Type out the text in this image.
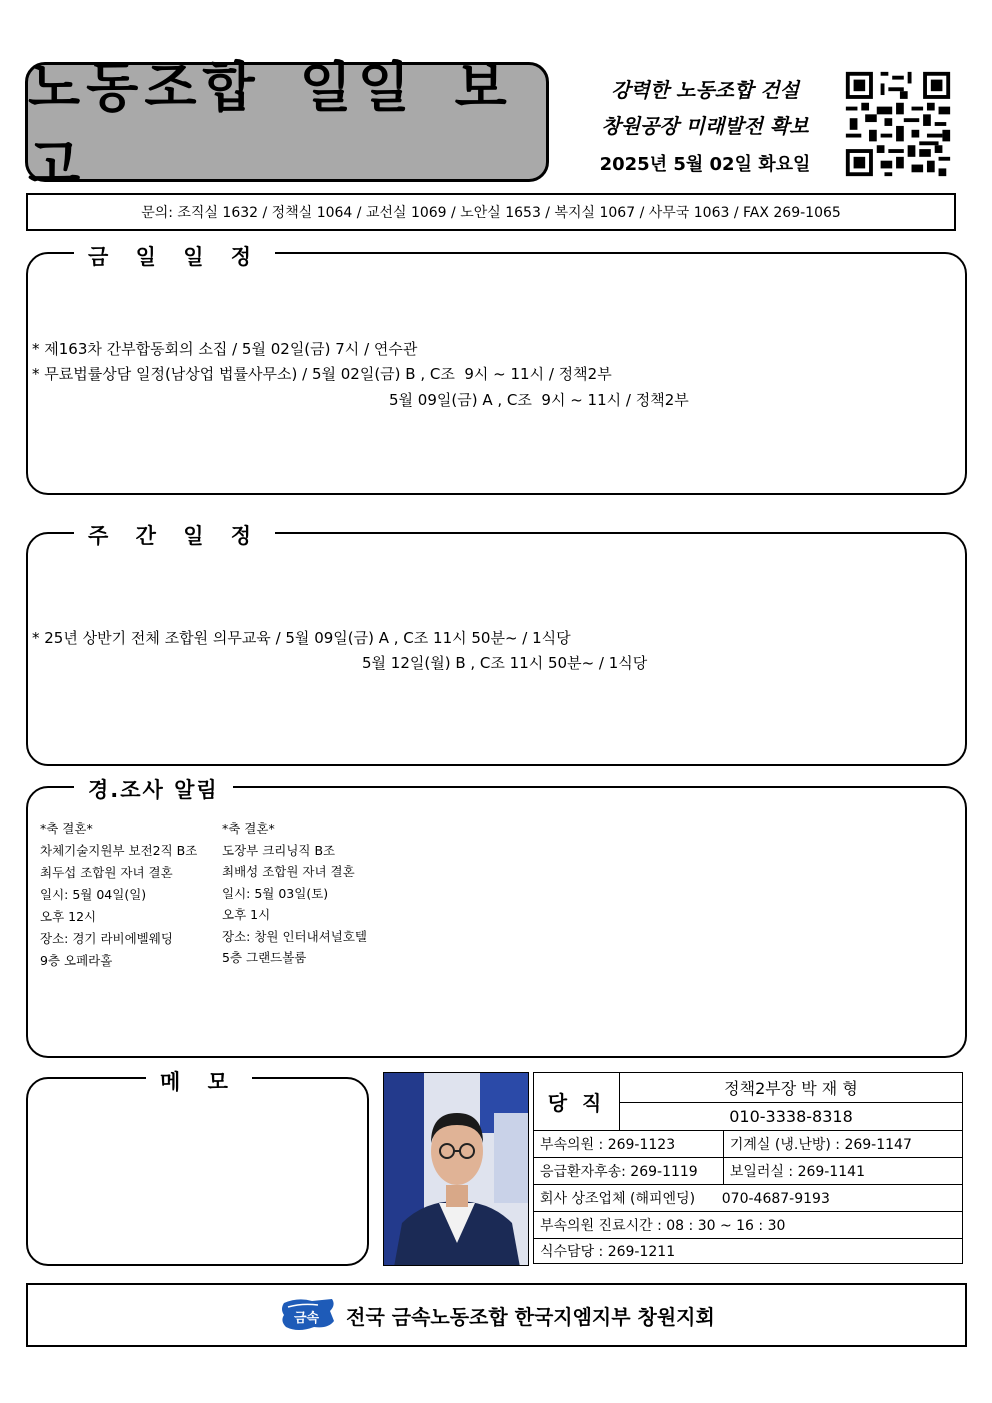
노동조합 일일 보고
강력한 노동조합 건설
창원공장 미래발전 확보
2025년 5월 02일 화요일
문의: 조직실 1632 / 정책실 1064 / 교선실 1069 / 노안실 1653 / 복지실 1067 / 사무국 1063 / FAX 269-1065
금 일 일 정
* 제163차 간부합동회의 소집 / 5월 02일(금) 7시 / 연수관
* 무료법률상담 일정(남상업 법률사무소) / 5월 02일(금) B , C조  9시 ~ 11시 / 정책2부
5월 09일(금) A , C조  9시 ~ 11시 / 정책2부
주 간 일 정
* 25년 상반기 전체 조합원 의무교육 / 5월 09일(금) A , C조 11시 50분~ / 1식당
5월 12일(월) B , C조 11시 50분~ / 1식당
경.조사 알림
*축 결혼*
차체기술지원부 보전2직 B조
최두섭 조합원 자녀 결혼
일시: 5월 04일(일)
오후 12시
장소: 경기 라비에벨웨딩
9층 오페라홀
*축 결혼*
도장부 크리닝직 B조
최배성 조합원 자녀 결혼
일시: 5월 03일(토)
오후 1시
장소: 창원 인터내셔널호텔
5층 그랜드볼룸
메 모
당 직	정책2부장 박 재 형	
	010-3338-8318	
부속의원 : 269-1123		기계실 (냉.난방) : 269-1147
응급환자후송: 269-1119		보일러실 : 269-1141
회사 상조업체 (해피엔딩)      070-4687-9193		
부속의원 진료시간 : 08 : 30 ~ 16 : 30		
식수담당 : 269-1211		
금속 전국 금속노동조합 한국지엠지부 창원지회
